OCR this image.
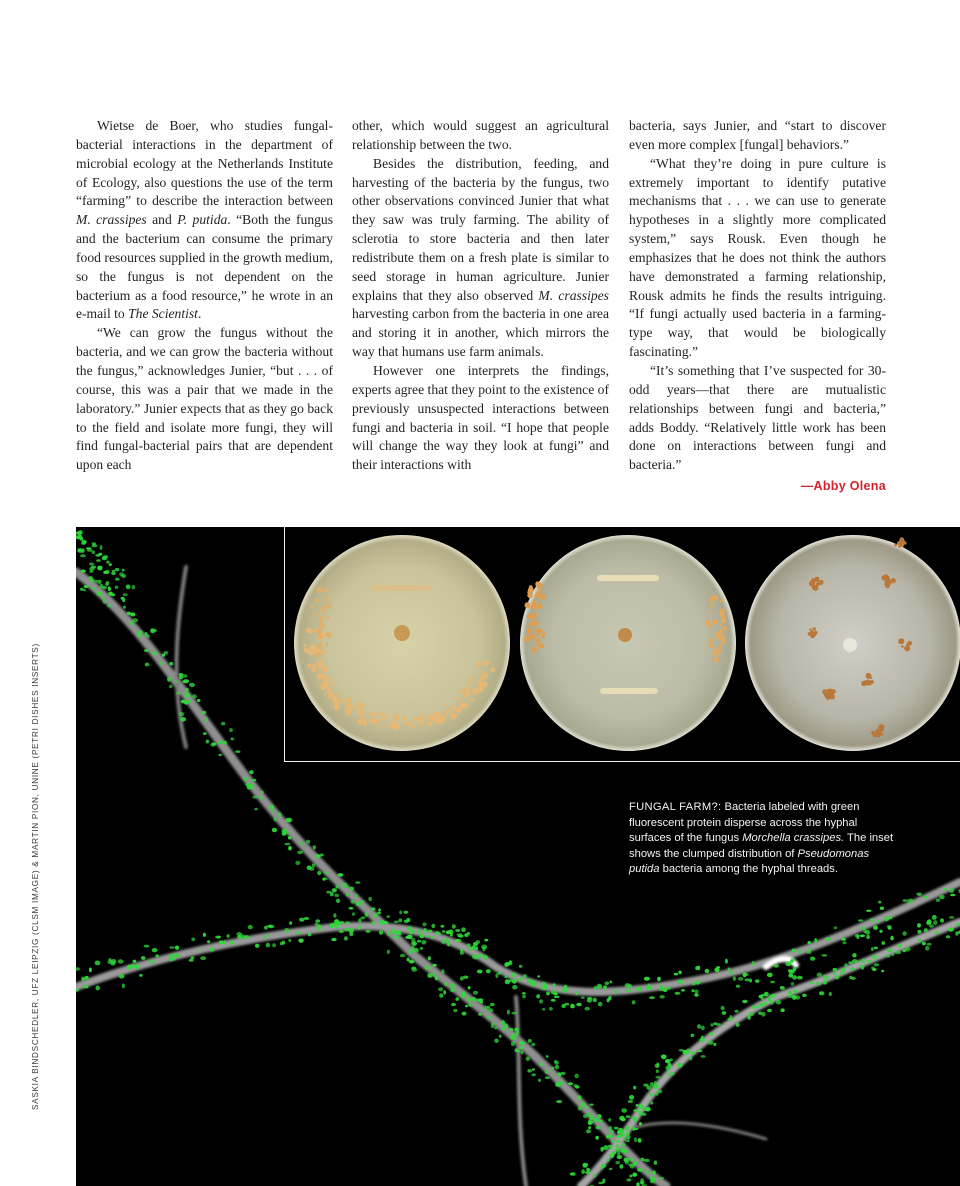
Wietse de Boer, who studies fungal-bacterial interactions in the department of microbial ecology at the Netherlands Institute of Ecology, also questions the use of the term “farming” to describe the interaction between M. crassipes and P. putida. “Both the fungus and the bacterium can consume the primary food resources supplied in the growth medium, so the fungus is not dependent on the bacterium as a food resource,” he wrote in an e-mail to The Scientist.

“We can grow the fungus without the bacteria, and we can grow the bacteria without the fungus,” acknowledges Junier, “but . . . of course, this was a pair that we made in the laboratory.” Junier expects that as they go back to the field and isolate more fungi, they will find fungal-bacterial pairs that are dependent upon each

other, which would suggest an agricultural relationship between the two.

Besides the distribution, feeding, and harvesting of the bacteria by the fungus, two other observations convinced Junier that what they saw was truly farming. The ability of sclerotia to store bacteria and then later redistribute them on a fresh plate is similar to seed storage in human agriculture. Junier explains that they also observed M. crassipes harvesting carbon from the bacteria in one area and storing it in another, which mirrors the way that humans use farm animals.

However one interprets the findings, experts agree that they point to the existence of previously unsuspected interactions between fungi and bacteria in soil. “I hope that people will change the way they look at fungi” and their interactions with

bacteria, says Junier, and “start to discover even more complex [fungal] behaviors.”

“What they’re doing in pure culture is extremely important to identify putative mechanisms that . . . we can use to generate hypotheses in a slightly more complicated system,” says Rousk. Even though he emphasizes that he does not think the authors have demonstrated a farming relationship, Rousk admits he finds the results intriguing. “If fungi actually used bacteria in a farming-type way, that would be biologically fascinating.”

“It’s something that I’ve suspected for 30-odd years—that there are mutualistic relationships between fungi and bacteria,” adds Boddy. “Relatively little work has been done on interactions between fungi and bacteria.”

—Abby Olena
SASKIA BINDSCHEDLER, UFZ LEIPZIG (CLSM IMAGE) & MARTIN PION, UNINE (PETRI DISHES INSERTS)	FUNGAL FARM?: Bacteria labeled with green fluorescent protein disperse across the hyphal surfaces of the fungus Morchella crassipes. The inset shows the clumped distribution of Pseudomonas putida bacteria among the hyphal threads.
